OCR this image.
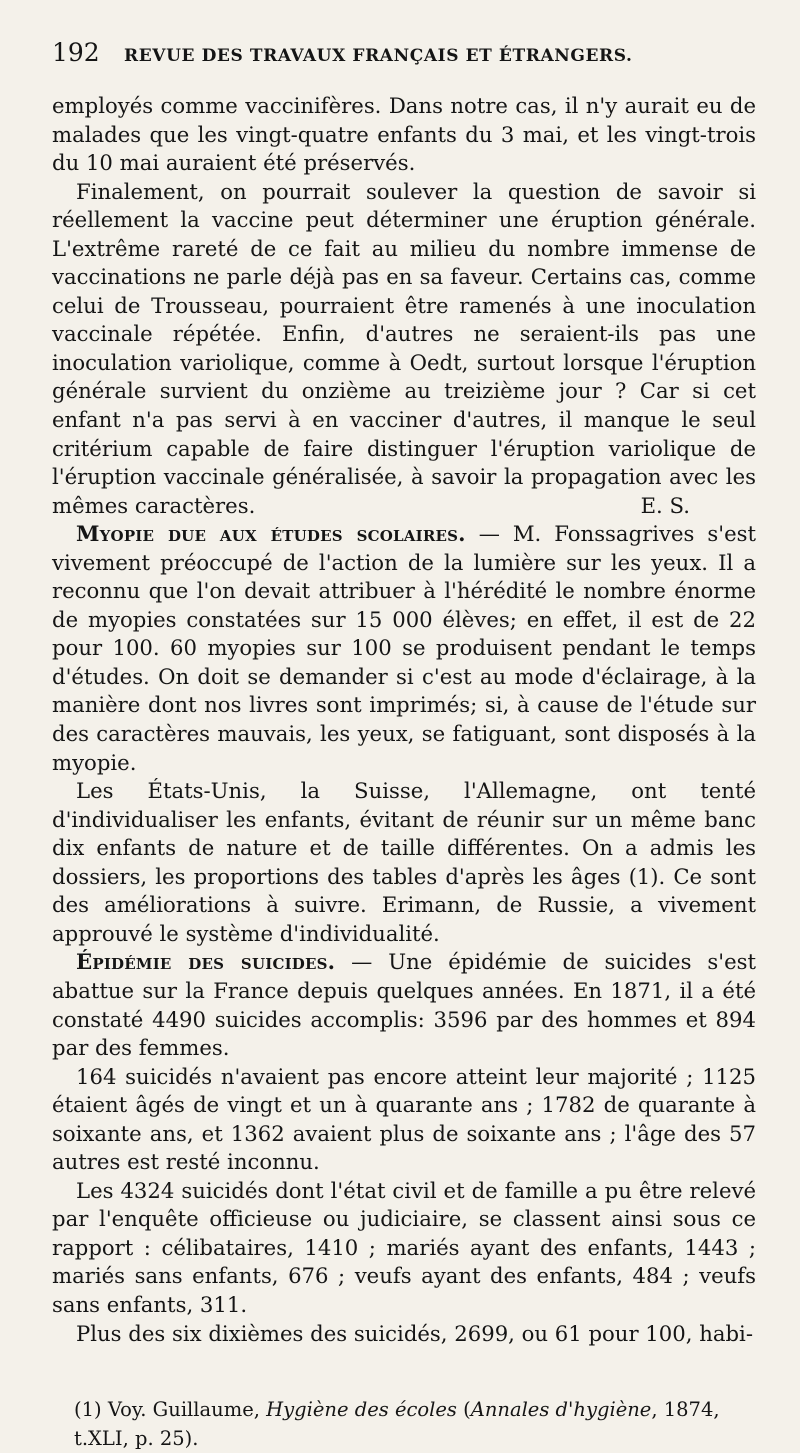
192	REVUE DES TRAVAUX FRANÇAIS ET ÉTRANGERS.

employés comme vaccinifères. Dans notre cas, il n'y aurait eu de malades que les vingt-quatre enfants du 3 mai, et les vingt-trois du 10 mai auraient été préservés.

Finalement, on pourrait soulever la question de savoir si réellement la vaccine peut déterminer une éruption générale. L'extrême rareté de ce fait au milieu du nombre immense de vaccinations ne parle déjà pas en sa faveur. Certains cas, comme celui de Trousseau, pourraient être ramenés à une inoculation vaccinale répétée. Enfin, d'autres ne seraient-ils pas une inoculation variolique, comme à Oedt, surtout lorsque l'éruption générale survient du onzième au treizième jour ? Car si cet enfant n'a pas servi à en vacciner d'autres, il manque le seul critérium capable de faire distinguer l'éruption variolique de l'éruption vaccinale généralisée, à savoir la propagation avec les mêmes caractères.	E. S.

Myopie due aux études scolaires. — M. Fonssagrives s'est vivement préoccupé de l'action de la lumière sur les yeux. Il a reconnu que l'on devait attribuer à l'hérédité le nombre énorme de myopies constatées sur 15 000 élèves; en effet, il est de 22 pour 100. 60 myopies sur 100 se produisent pendant le temps d'études. On doit se demander si c'est au mode d'éclairage, à la manière dont nos livres sont imprimés; si, à cause de l'étude sur des caractères mauvais, les yeux, se fatiguant, sont disposés à la myopie.

Les États-Unis, la Suisse, l'Allemagne, ont tenté d'individualiser les enfants, évitant de réunir sur un même banc dix enfants de nature et de taille différentes. On a admis les dossiers, les proportions des tables d'après les âges (1). Ce sont des améliorations à suivre. Erimann, de Russie, a vivement approuvé le système d'individualité.

Épidémie des suicides. — Une épidémie de suicides s'est abattue sur la France depuis quelques années. En 1871, il a été constaté 4490 suicides accomplis: 3596 par des hommes et 894 par des femmes.

164 suicidés n'avaient pas encore atteint leur majorité ; 1125 étaient âgés de vingt et un à quarante ans ; 1782 de quarante à soixante ans, et 1362 avaient plus de soixante ans ; l'âge des 57 autres est resté inconnu.

Les 4324 suicidés dont l'état civil et de famille a pu être relevé par l'enquête officieuse ou judiciaire, se classent ainsi sous ce rapport : célibataires, 1410 ; mariés ayant des enfants, 1443 ; mariés sans enfants, 676 ; veufs ayant des enfants, 484 ; veufs sans enfants, 311.

Plus des six dixièmes des suicidés, 2699, ou 61 pour 100, habi-

(1) Voy. Guillaume, Hygiène des écoles (Annales d'hygiène, 1874, t.XLI, p. 25).
